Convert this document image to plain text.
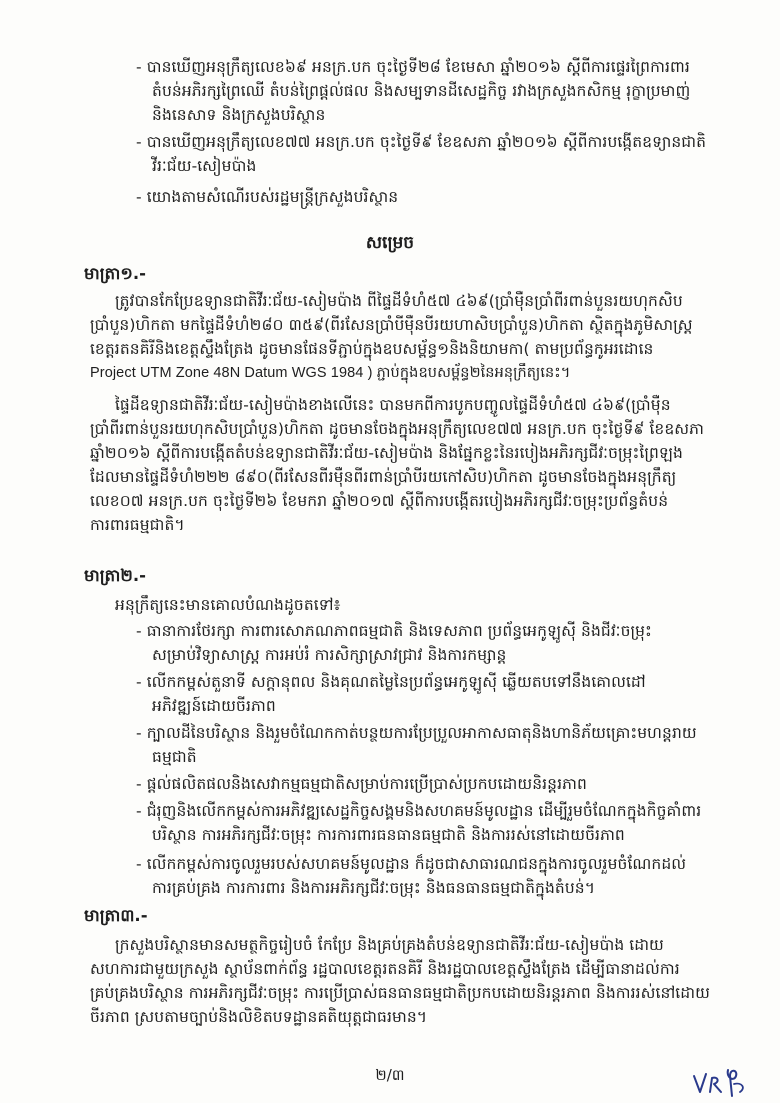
- បានឃើញអនុក្រឹត្យលេខ៦៩ អនក្រ.បក ចុះថ្ងៃទី២៨ ខែមេសា ឆ្នាំ២០១៦ ស្តីពីការផ្ទេរព្រៃការពារ
តំបន់អភិរក្សព្រៃឈើ តំបន់ព្រៃផ្តល់ផល និងសម្បទានដីសេដ្ឋកិច្ច រវាងក្រសួងកសិកម្ម រុក្ខាប្រមាញ់
និងនេសាទ និងក្រសួងបរិស្ថាន
- បានឃើញអនុក្រឹត្យលេខ៧៧ អនក្រ.បក ចុះថ្ងៃទី៩ ខែឧសភា ឆ្នាំ២០១៦ ស្តីពីការបង្កើតឧទ្យានជាតិ
វីរៈជ័យ-សៀមប៉ាង
- យោងតាមសំណើរបស់រដ្ឋមន្ត្រីក្រសួងបរិស្ថាន
សម្រេច
មាត្រា១.-
ត្រូវបានកែប្រែឧទ្យានជាតិវីរៈជ័យ-សៀមប៉ាង ពីផ្ទៃដីទំហំ៥៧ ៤៦៩(ប្រាំមុឺនប្រាំពីរពាន់បួនរយហុកសិប
ប្រាំបួន)ហិកតា មកផ្ទៃដីទំហំ២៨០ ៣៥៩(ពីរសែនប្រាំបីមុឺនបីរយហាសិបប្រាំបួន)ហិកតា ស្ថិតក្នុងភូមិសាស្ត្រ
ខេត្តរតនគិរីនិងខេត្តស្ទឹងត្រែង ដូចមានផែនទីភ្ជាប់ក្នុងឧបសម្ព័ន្ធ១និងនិយាមកា( តាមប្រព័ន្ធកូអរដោនេ
Project UTM Zone 48N Datum WGS 1984 ) ភ្ជាប់ក្នុងឧបសម្ព័ន្ធ២នៃអនុក្រឹត្យនេះ។
ផ្ទៃដីឧទ្យានជាតិវីរៈជ័យ-សៀមប៉ាងខាងលើនេះ បានមកពីការបូកបញ្ចូលផ្ទៃដីទំហំ៥៧ ៤៦៩(ប្រាំមុឺន
ប្រាំពីរពាន់បួនរយហុកសិបប្រាំបួន)ហិកតា ដូចមានចែងក្នុងអនុក្រឹត្យលេខ៧៧ អនក្រ.បក ចុះថ្ងៃទី៩ ខែឧសភា
ឆ្នាំ២០១៦ ស្តីពីការបង្កើតតំបន់ឧទ្យានជាតិវីរៈជ័យ-សៀមប៉ាង និងផ្នែកខ្លះនៃរបៀងអភិរក្សជីវៈចម្រុះព្រៃឡង
ដែលមានផ្ទៃដីទំហំ២២២ ៨៩០(ពីរសែនពីរមុឺនពីរពាន់ប្រាំបីរយកៅសិប)ហិកតា ដូចមានចែងក្នុងអនុក្រឹត្យ
លេខ០៧ អនក្រ.បក ចុះថ្ងៃទី២៦ ខែមករា ឆ្នាំ២០១៧ ស្តីពីការបង្កើតរបៀងអភិរក្សជីវៈចម្រុះប្រព័ន្ធតំបន់
ការពារធម្មជាតិ។
មាត្រា២.-
អនុក្រឹត្យនេះមានគោលបំណងដូចតទៅ៖
- ធានាការថែរក្សា ការពារសោភណភាពធម្មជាតិ និងទេសភាព ប្រព័ន្ធអេកូឡូស៊ី និងជីវៈចម្រុះ
សម្រាប់វិទ្យាសាស្ត្រ ការអប់រំ ការសិក្សាស្រាវជ្រាវ និងការកម្សាន្ត
- លើកកម្ពស់តួនាទី សក្តានុពល និងគុណតម្លៃនៃប្រព័ន្ធអេកូឡូស៊ី ឆ្លើយតបទៅនឹងគោលដៅ
អភិវឌ្ឍន៍ដោយចីរភាព
- ក្បាលដីនៃបរិស្ថាន និងរួមចំណែកកាត់បន្ថយការប្រែប្រួលអាកាសធាតុនិងហានិភ័យគ្រោះមហន្តរាយ
ធម្មជាតិ
- ផ្តល់ផលិតផលនិងសេវាកម្មធម្មជាតិសម្រាប់ការប្រើប្រាស់ប្រកបដោយនិរន្តរភាព
- ជំរុញនិងលើកកម្ពស់ការអភិវឌ្ឍសេដ្ឋកិច្ចសង្គមនិងសហគមន៍មូលដ្ឋាន ដើម្បីរួមចំណែកក្នុងកិច្ចគាំពារ
បរិស្ថាន ការអភិរក្សជីវៈចម្រុះ ការការពារធនធានធម្មជាតិ និងការរស់នៅដោយចីរភាព
- លើកកម្ពស់ការចូលរួមរបស់សហគមន៍មូលដ្ឋាន ក៏ដូចជាសាធារណជនក្នុងការចូលរួមចំណែកដល់
ការគ្រប់គ្រង ការការពារ និងការអភិរក្សជីវៈចម្រុះ និងធនធានធម្មជាតិក្នុងតំបន់។
មាត្រា៣.-
ក្រសួងបរិស្ថានមានសមត្ថកិច្ចរៀបចំ កែប្រែ និងគ្រប់គ្រងតំបន់ឧទ្យានជាតិវីរៈជ័យ-សៀមប៉ាង ដោយ
សហការជាមួយក្រសួង ស្ថាប័នពាក់ព័ន្ធ រដ្ឋបាលខេត្តរតនគិរី និងរដ្ឋបាលខេត្តស្ទឹងត្រែង ដើម្បីធានាដល់ការ
គ្រប់គ្រងបរិស្ថាន ការអភិរក្សជីវៈចម្រុះ ការប្រើប្រាស់ធនធានធម្មជាតិប្រកបដោយនិរន្តរភាព និងការរស់នៅដោយ
ចីរភាព ស្របតាមច្បាប់និងលិខិតបទដ្ឋានគតិយុត្តជាធរមាន។
២/៣
